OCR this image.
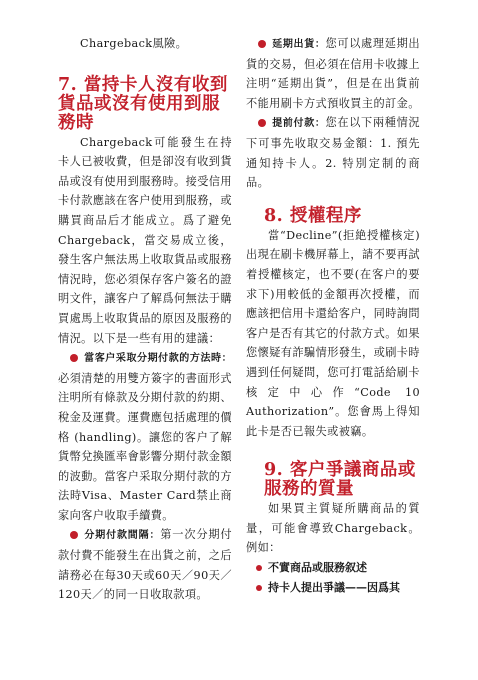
Chargeback風險。

7. 當持卡人沒有收到貨品或沒有使用到服務時

Chargeback可能發生在持卡人已被收費，但是卻沒有收到貨品或沒有使用到服務時。接受信用卡付款應該在客户使用到服務，或購買商品后才能成立。爲了避免Chargeback，當交易成立後，發生客户無法馬上收取貨品或服務情況時，您必須保存客户簽名的證明文件，讓客户了解爲何無法于購買處馬上收取貨品的原因及服務的情況。以下是一些有用的建議：

當客户采取分期付款的方法時：必須清楚的用雙方簽字的書面形式注明所有條款及分期付款的約期、稅金及運費。運費應包括處理的價格 (handling)。讓您的客户了解貨幣兌換匯率會影響分期付款金額的波動。當客户采取分期付款的方法時Visa、Master Card禁止商家向客户收取手續費。

分期付款間隔：第一次分期付款付費不能發生在出貨之前，之后請務必在每30天或60天／90天／120天／的同一日收取款項。

延期出貨：您可以處理延期出貨的交易，但必須在信用卡收據上注明“延期出貨”，但是在出貨前不能用刷卡方式預收買主的訂金。

提前付款：您在以下兩種情況下可事先收取交易金額：1. 預先通知持卡人。2. 特別定制的商品。

8. 授權程序

當“Decline”(拒絶授權核定) 出現在刷卡機屏幕上，請不要再試着授權核定，也不要(在客户的要求下)用較低的金額再次授權，而應該把信用卡還給客户，同時詢問客户是否有其它的付款方式。如果您懷疑有詐騙情形發生，或刷卡時遇到任何疑問，您可打電話給刷卡核定中心作“Code 10 Authorization”。您會馬上得知此卡是否已報失或被竊。

9. 客户爭議商品或服務的質量

如果買主質疑所購商品的質量，可能會導致Chargeback。例如：

不實商品或服務叙述

持卡人提出爭議——因爲其
